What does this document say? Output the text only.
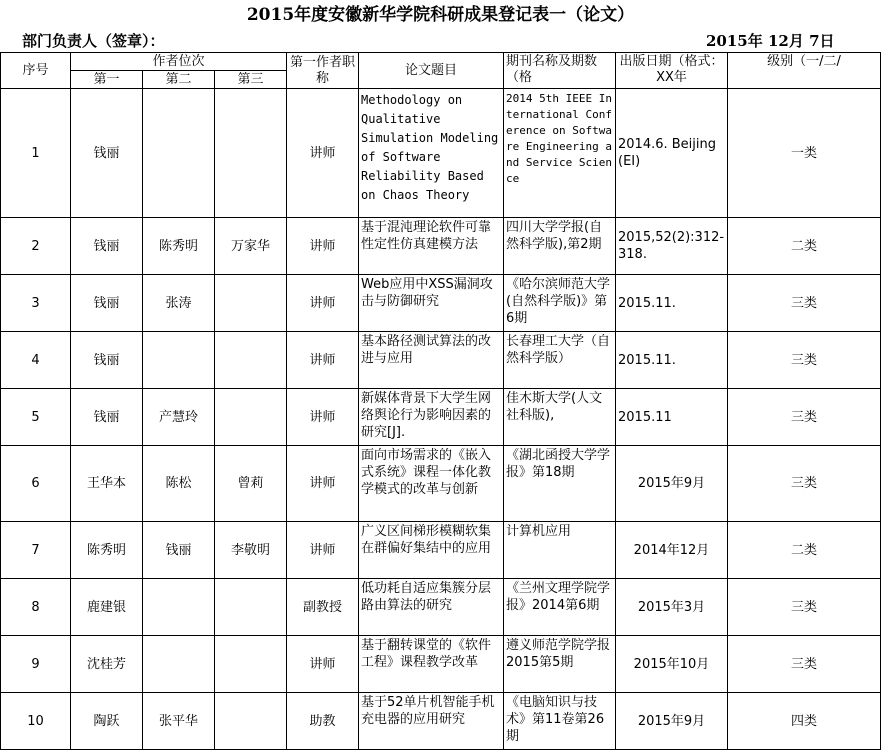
2015年度安徽新华学院科研成果登记表一（论文）
部门负责人（签章）：	2015年 12月 7日
序号	作者位次			第一作者职称	论文题目	期刊名称及期数（格	出版日期（格式：XX年	级别（一/二/

	第一	第二	第三					

1	钱丽			讲师	Methodology on Qualitative Simulation Modeling of Software Reliability Based on Chaos Theory	2014 5th IEEE International Conference on Software Engineering and Service Science	2014.6. Beijing(EI)	一类

2	钱丽	陈秀明	万家华	讲师	基于混沌理论软件可靠性定性仿真建模方法	四川大学学报(自然科学版),第2期	2015,52(2):312-318.	二类

3	钱丽	张涛		讲师	Web应用中XSS漏洞攻击与防御研究	《哈尔滨师范大学(自然科学版)》第6期	2015.11.	三类

4	钱丽			讲师	基本路径测试算法的改进与应用	长春理工大学（自然科学版）	2015.11.	三类

5	钱丽	产慧玲		讲师	新媒体背景下大学生网络舆论行为影响因素的研究[J].	佳木斯大学(人文社科版),	2015.11	三类

6	王华本	陈松	曾莉	讲师	面向市场需求的《嵌入式系统》课程一体化教学模式的改革与创新	《湖北函授大学学报》第18期	2015年9月	三类

7	陈秀明	钱丽	李敬明	讲师	广义区间梯形模糊软集在群偏好集结中的应用	计算机应用	2014年12月	二类

8	鹿建银			副教授	低功耗自适应集簇分层路由算法的研究	《兰州文理学院学报》2014第6期	2015年3月	三类

9	沈桂芳			讲师	基于翻转课堂的《软件工程》课程教学改革	遵义师范学院学报2015第5期	2015年10月	三类

10	陶跃	张平华		助教	基于52单片机智能手机充电器的应用研究	《电脑知识与技术》第11卷第26期	2015年9月	四类
